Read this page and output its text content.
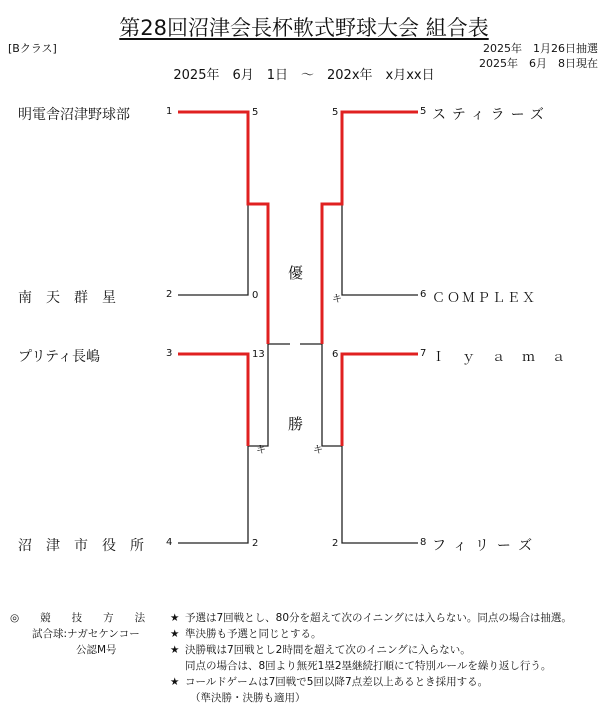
第28回沼津会長杯軟式野球大会 組合表
[Bクラス]	2025年　1月26日抽選
2025年　6月　8日現在
2025年　6月　1日　～　202x年　x月xx日
明電舎沼津野球部	1
南　天　群　星	2
プリティ長嶋	3
沼　津　市　役　所 4
5 スティラーズ
6 ＣＯＭＰＬＥＸ
7 Ｉ　ｙ　ａ　ｍ　ａ
8 フィリーズ
5
0
13
2
5
キ
6
2
キ	キ
優
勝
◎　　競　　技　　方　　法 ★ 予選は7回戦とし、80分を超えて次のイニングには入らない。同点の場合は抽選。
試合球:ナガセケンコー	★ 準決勝も予選と同じとする。
公認M号	★ 決勝戦は7回戦とし2時間を超えて次のイニングに入らない。
同点の場合は、8回より無死1塁2塁継続打順にて特別ルールを繰り返し行う。
★ コールドゲームは7回戦で5回以降7点差以上あるとき採用する。
（準決勝・決勝も適用）
